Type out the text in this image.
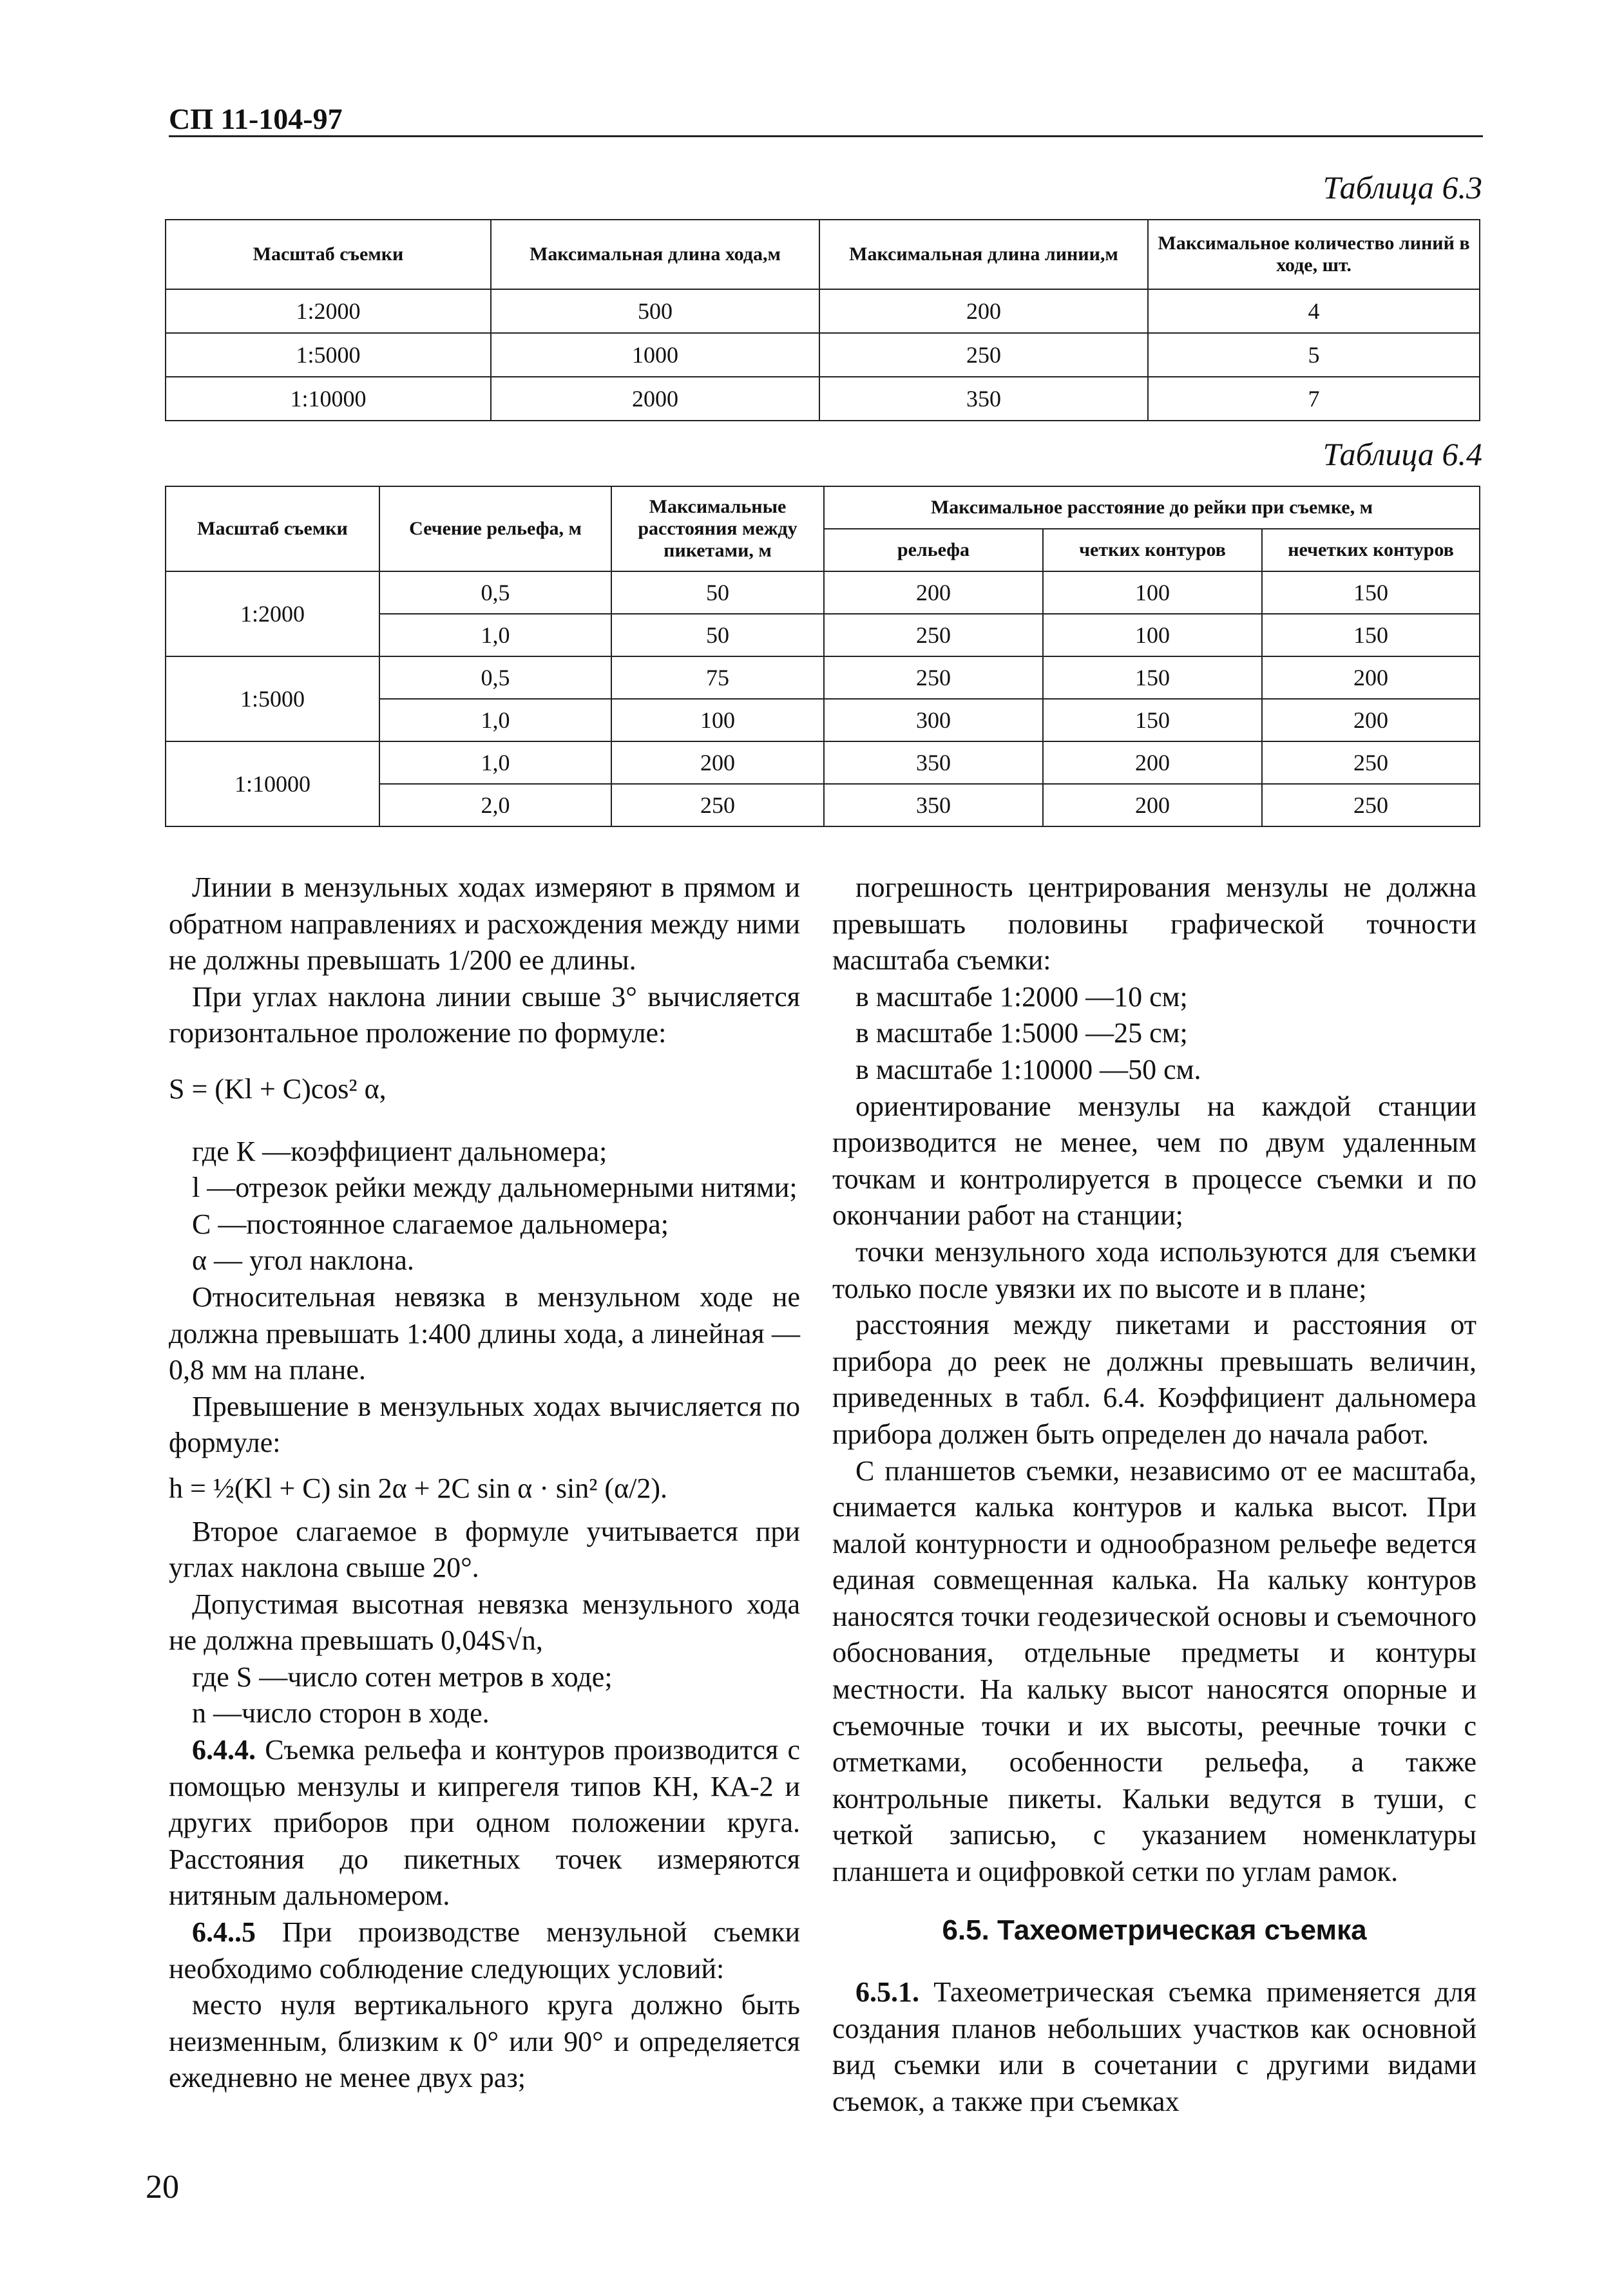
СП 11-104-97
Таблица 6.3
Масштаб съемки	Максимальная длина хода,м	Максимальная длина линии,м	Максимальное количество линий в ходе, шт.
1:2000	500	200	4
1:5000	1000	250	5
1:10000	2000	350	7
Таблица 6.4
Масштаб съемки	Сечение рельефа, м	Максимальные расстояния между пикетами, м	Максимальное расстояние до рейки при съемке, м		
			рельефа	четких контуров	нечетких контуров
1:2000	0,5	50	200	100	150
	1,0	50	250	100	150
1:5000	0,5	75	250	150	200
	1,0	100	300	150	200
1:10000	1,0	200	350	200	250
	2,0	250	350	200	250

Линии в мензульных ходах измеряют в прямом и обратном направлениях и расхождения между ними не должны превышать 1/200 ее длины.

При углах наклона линии свыше 3° вычисляется горизонтальное проложение по формуле:

S = (Kl + C)cos² α,

где К —коэффициент дальномера;

l —отрезок рейки между дальномерными нитями;

С —постоянное слагаемое дальномера;

α — угол наклона.

Относительная невязка в мензульном ходе не должна превышать 1:400 длины хода, а линейная —0,8 мм на плане.

Превышение в мензульных ходах вычисляется по формуле:

h = ½(Kl + C) sin 2α + 2C sin α · sin² (α/2).

Второе слагаемое в формуле учитывается при углах наклона свыше 20°.

Допустимая высотная невязка мензульного хода не должна превышать 0,04S√n,

где S —число сотен метров в ходе;

n —число сторон в ходе.

6.4.4. Съемка рельефа и контуров производится с помощью мензулы и кипрегеля типов КН, КА-2 и других приборов при одном положении круга. Расстояния до пикетных точек измеряются нитяным дальномером.

6.4..5 При производстве мензульной съемки необходимо соблюдение следующих условий:

место нуля вертикального круга должно быть неизменным, близким к 0° или 90° и определяется ежедневно не менее двух раз;

погрешность центрирования мензулы не должна превышать половины графической точности масштаба съемки:

в масштабе 1:2000 —10 см;

в масштабе 1:5000 —25 см;

в масштабе 1:10000 —50 см.

ориентирование мензулы на каждой станции производится не менее, чем по двум удаленным точкам и контролируется в процессе съемки и по окончании работ на станции;

точки мензульного хода используются для съемки только после увязки их по высоте и в плане;

расстояния между пикетами и расстояния от прибора до реек не должны превышать величин, приведенных в табл. 6.4. Коэффициент дальномера прибора должен быть определен до начала работ.

С планшетов съемки, независимо от ее масштаба, снимается калька контуров и калька высот. При малой контурности и однообразном рельефе ведется единая совмещенная калька. На кальку контуров наносятся точки геодезической основы и съемочного обоснования, отдельные предметы и контуры местности. На кальку высот наносятся опорные и съемочные точки и их высоты, реечные точки с отметками, особенности рельефа, а также контрольные пикеты. Кальки ведутся в туши, с четкой записью, с указанием номенклатуры планшета и оцифровкой сетки по углам рамок.

6.5. Тахеометрическая съемка

6.5.1. Тахеометрическая съемка применяется для создания планов небольших участков как основной вид съемки или в сочетании с другими видами съемок, а также при съемках

20
